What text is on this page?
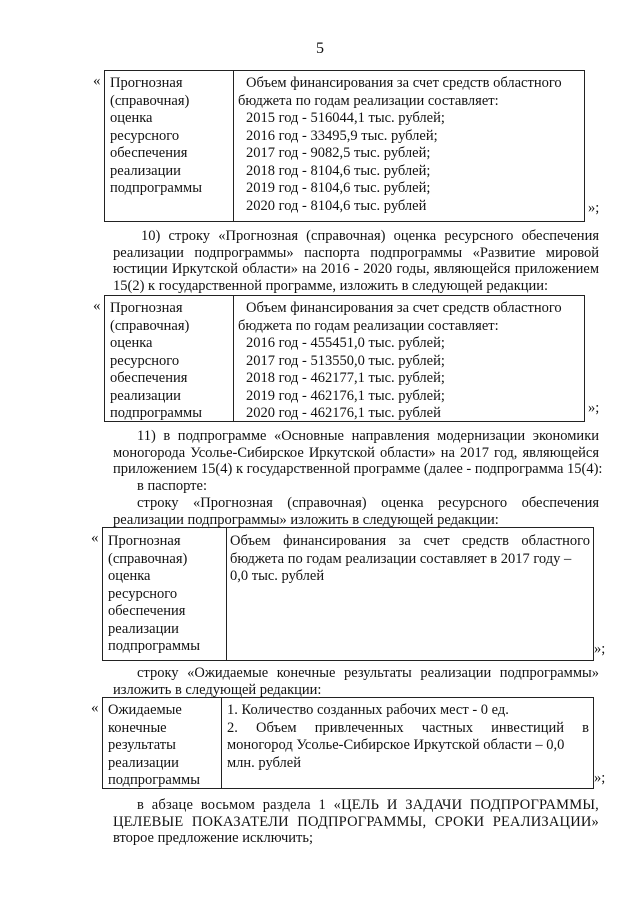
5
« Прогнозная
(справочная)
оценка
ресурсного
обеспечения
реализации
подпрограммы
Объем финансирования за счет средств областного
бюджета по годам реализации составляет:
2015 год - 516044,1 тыс. рублей;
2016 год - 33495,9 тыс. рублей;
2017 год - 9082,5 тыс. рублей;
2018 год - 8104,6 тыс. рублей;
2019 год - 8104,6 тыс. рублей;
2020 год - 8104,6 тыс. рублей	»;
10) строку «Прогнозная (справочная) оценка ресурсного обеспечения
реализации подпрограммы» паспорта подпрограммы «Развитие мировой
юстиции Иркутской области» на 2016 - 2020 годы, являющейся приложением
15(2) к государственной программе, изложить в следующей редакции:
« Прогнозная
(справочная)
оценка
ресурсного
обеспечения
реализации
подпрограммы
Объем финансирования за счет средств областного
бюджета по годам реализации составляет:
2016 год - 455451,0 тыс. рублей;
2017 год - 513550,0 тыс. рублей;
2018 год - 462177,1 тыс. рублей;
2019 год - 462176,1 тыс. рублей;
2020 год - 462176,1 тыс. рублей	»;
11) в подпрограмме «Основные направления модернизации экономики
моногорода Усолье-Сибирское Иркутской области» на 2017 год, являющейся
приложением 15(4) к государственной программе (далее - подпрограмма 15(4):
в паспорте:
строку «Прогнозная (справочная) оценка ресурсного обеспечения
реализации подпрограммы» изложить в следующей редакции:
« Прогнозная
(справочная)
оценка
ресурсного
обеспечения
реализации
подпрограммы
Объем финансирования за счет средств областного
бюджета по годам реализации составляет в 2017 году –
0,0 тыс. рублей
»;
строку «Ожидаемые конечные результаты реализации подпрограммы»
изложить в следующей редакции:
« Ожидаемые
конечные
результаты
реализации
подпрограммы
1. Количество созданных рабочих мест - 0 ед.
2. Объем привлеченных частных инвестиций в
моногород Усолье-Сибирское Иркутской области – 0,0
млн. рублей
»;
в абзаце восьмом раздела 1 «ЦЕЛЬ И ЗАДАЧИ ПОДПРОГРАММЫ,
ЦЕЛЕВЫЕ ПОКАЗАТЕЛИ ПОДПРОГРАММЫ, СРОКИ РЕАЛИЗАЦИИ»
второе предложение исключить;
